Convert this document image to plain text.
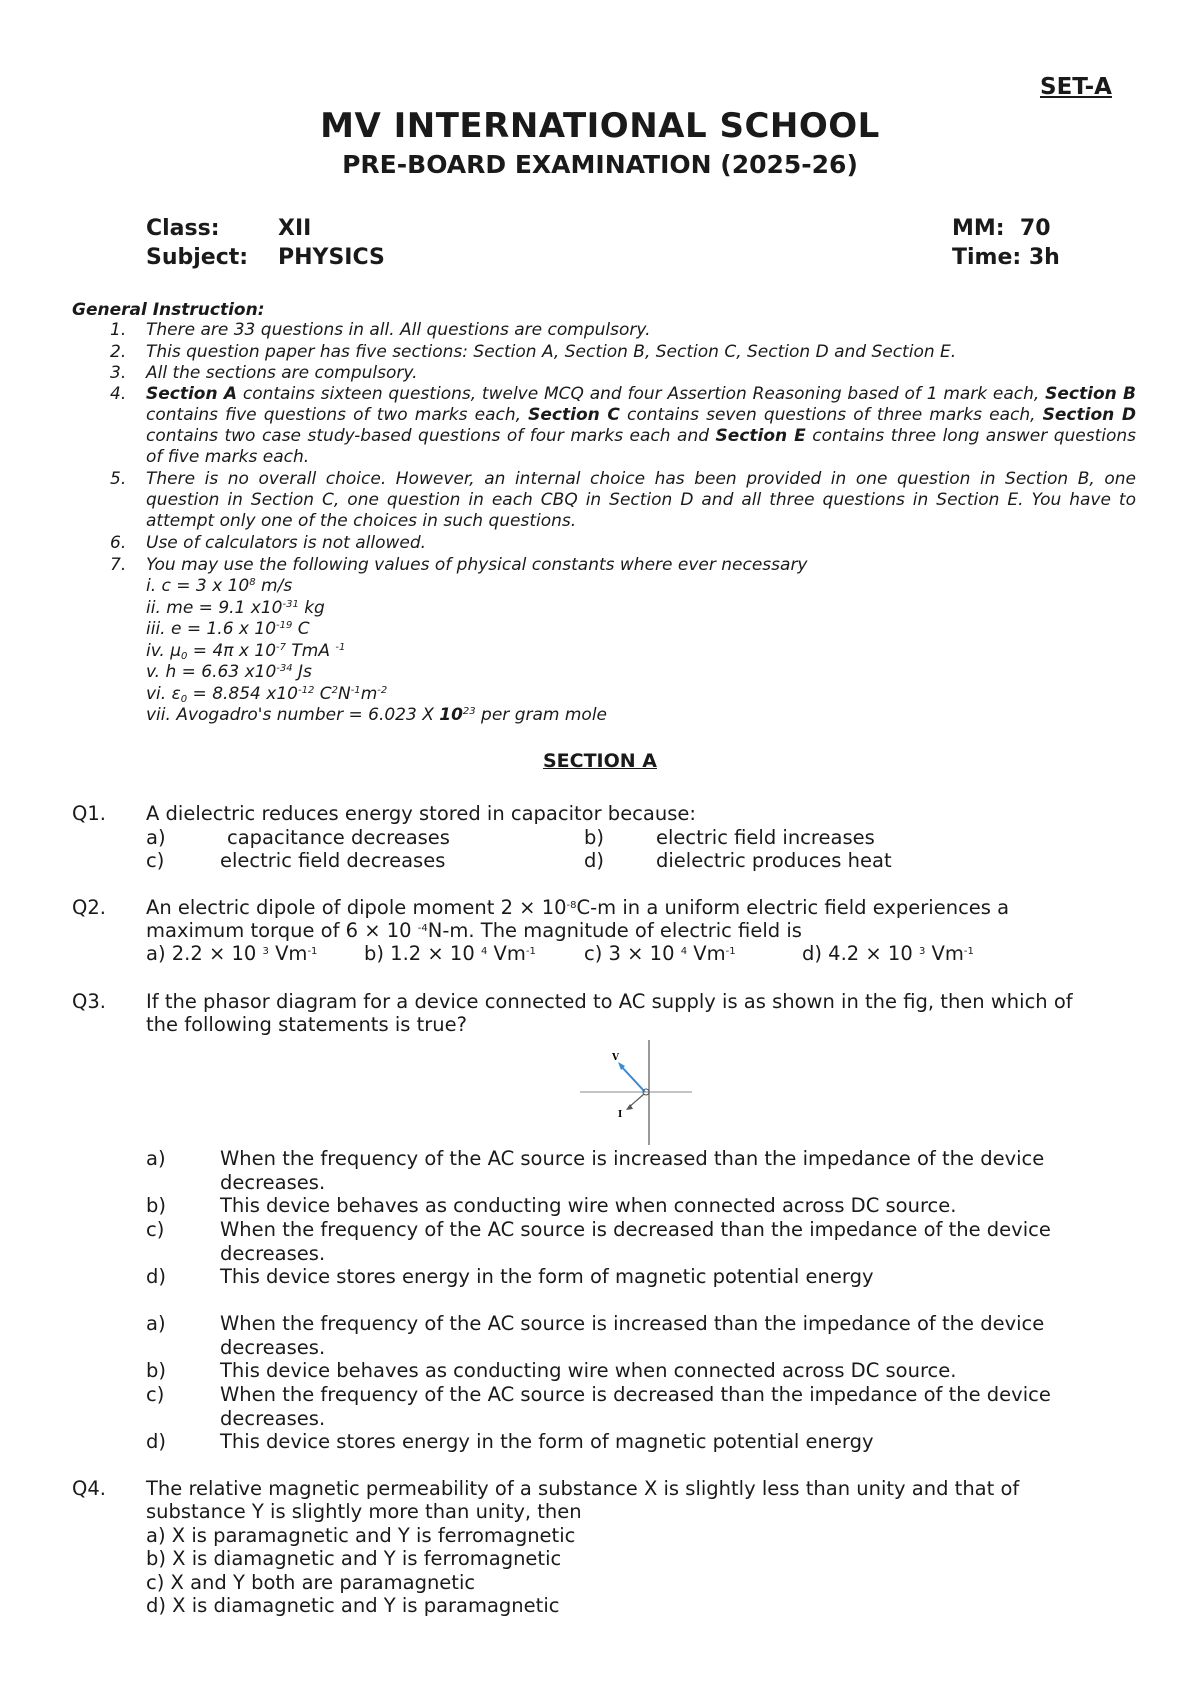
SET-A
MV INTERNATIONAL SCHOOL
PRE-BOARD EXAMINATION (2025-26)
Class:	XII
Subject: PHYSICS
MM: 70
Time: 3h
General Instruction:
1. There are 33 questions in all. All questions are compulsory.
2. This question paper has five sections: Section A, Section B, Section C, Section D and Section E.
3. All the sections are compulsory.
4. Section A contains sixteen questions, twelve MCQ and four Assertion Reasoning based of 1 mark each, Section B contains five questions of two marks each, Section C contains seven questions of three marks each, Section D contains two case study-based questions of four marks each and Section E contains three long answer questions of five marks each.
5. There is no overall choice. However, an internal choice has been provided in one question in Section B, one question in Section C, one question in each CBQ in Section D and all three questions in Section E. You have to attempt only one of the choices in such questions.
6. Use of calculators is not allowed.
7. You may use the following values of physical constants where ever necessary
i. c = 3 x $10^8$ m/s
ii. me = 9.1 $x10^{-31}$ kg
iii. e = 1.6 x $10^{-19}$ C
iv. $\mu_0 = 4\pi$ x $10^{-7}$ TmA $^{-1}$
v. h = 6.63 $x10^{-34}$ Js
vi. $\varepsilon_0 = 8.854$ $x10^{-12}$ $C^2N^{-1}m^{-2}$
vii. Avogadro's number = 6.023 X $10^{23}$ per gram mole
SECTION A
Q1. A dielectric reduces energy stored in capacitor because:
a)	capacitance decreases	b)	electric field increases
c)	electric field decreases	d)	dielectric produces heat
Q2. An electric dipole of dipole moment $2 \times 10^{-8}C-m$ in a uniform electric field experiences a
maximum torque of 6 × 10 $^{-4}$N-m. The magnitude of electric field is
a) 2.2 × 10 $^3$ $Vm^{-1}$ b) 1.2 × 10 $^4$ $Vm^{-1}$ c) 3 × 10 $^4$ $Vm^{-1}$	d) 4.2 × 10 $^3$ $Vm^{-1}$
Q3. If the phasor diagram for a device connected to AC supply is as shown in the fig, then which of
the following statements is true?
V
I
a)	When the frequency of the AC source is increased than the impedance of the device decreases.
b)	This device behaves as conducting wire when connected across DC source.
c)	When the frequency of the AC source is decreased than the impedance of the device decreases.
d)	This device stores energy in the form of magnetic potential energy
a)	When the frequency of the AC source is increased than the impedance of the device decreases.
b)	This device behaves as conducting wire when connected across DC source.
c)	When the frequency of the AC source is decreased than the impedance of the device decreases.
d)	This device stores energy in the form of magnetic potential energy
Q4. The relative magnetic permeability of a substance X is slightly less than unity and that of
substance Y is slightly more than unity, then
a) X is paramagnetic and Y is ferromagnetic
b) X is diamagnetic and Y is ferromagnetic
c) X and Y both are paramagnetic
d) X is diamagnetic and Y is paramagnetic
